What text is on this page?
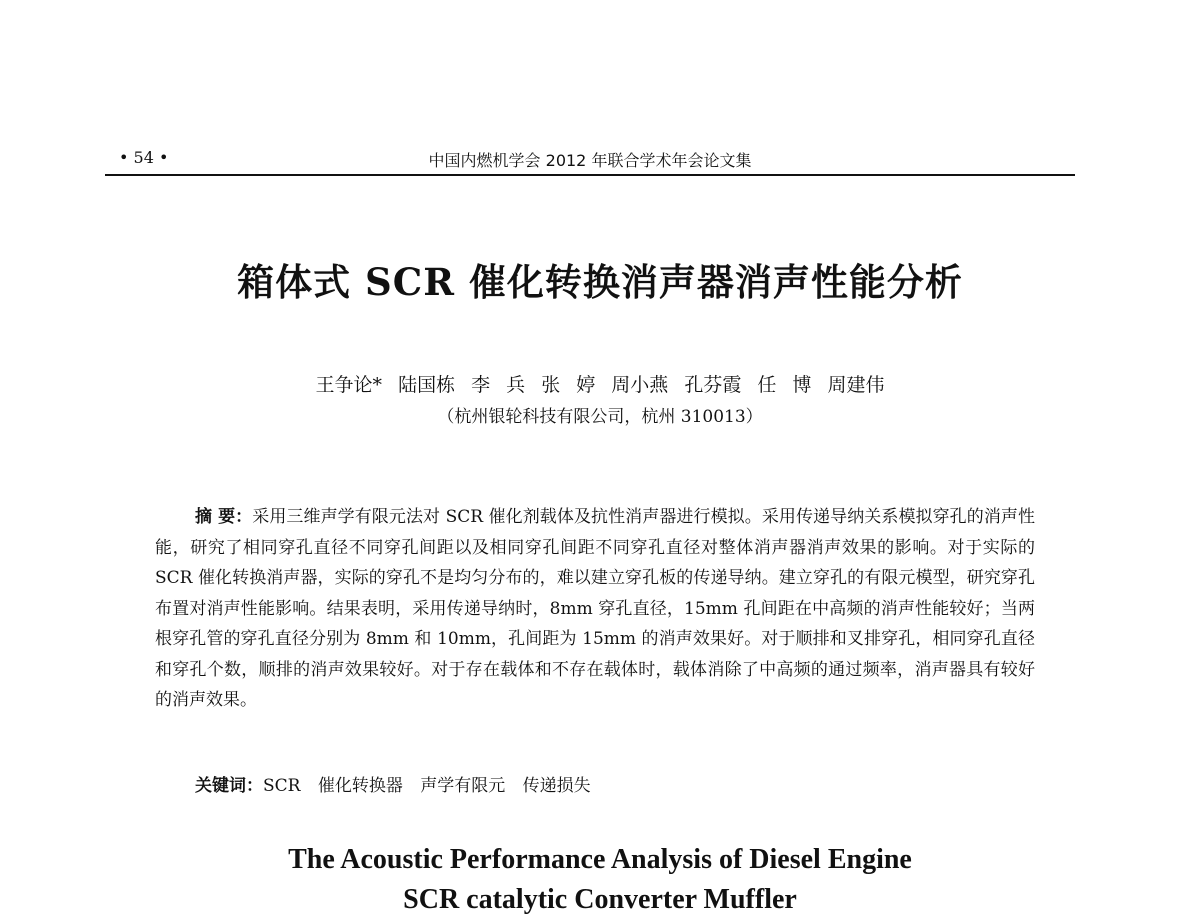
• 54 •	中国内燃机学会 2012 年联合学术年会论文集
箱体式 SCR 催化转换消声器消声性能分析
王争论* 陆国栋 李 兵 张 婷 周小燕 孔芬霞 任 博 周建伟
（杭州银轮科技有限公司，杭州 310013）
摘 要：采用三维声学有限元法对 SCR 催化剂载体及抗性消声器进行模拟。采用传递导纳关系模拟穿孔的消声性能，研究了相同穿孔直径不同穿孔间距以及相同穿孔间距不同穿孔直径对整体消声器消声效果的影响。对于实际的 SCR 催化转换消声器，实际的穿孔不是均匀分布的，难以建立穿孔板的传递导纳。建立穿孔的有限元模型，研究穿孔布置对消声性能影响。结果表明，采用传递导纳时，8mm 穿孔直径，15mm 孔间距在中高频的消声性能较好；当两根穿孔管的穿孔直径分别为 8mm 和 10mm，孔间距为 15mm 的消声效果好。对于顺排和叉排穿孔，相同穿孔直径和穿孔个数，顺排的消声效果较好。对于存在载体和不存在载体时，载体消除了中高频的通过频率，消声器具有较好的消声效果。
关键词：SCR 催化转换器 声学有限元 传递损失
The Acoustic Performance Analysis of Diesel Engine
SCR catalytic Converter Muffler
